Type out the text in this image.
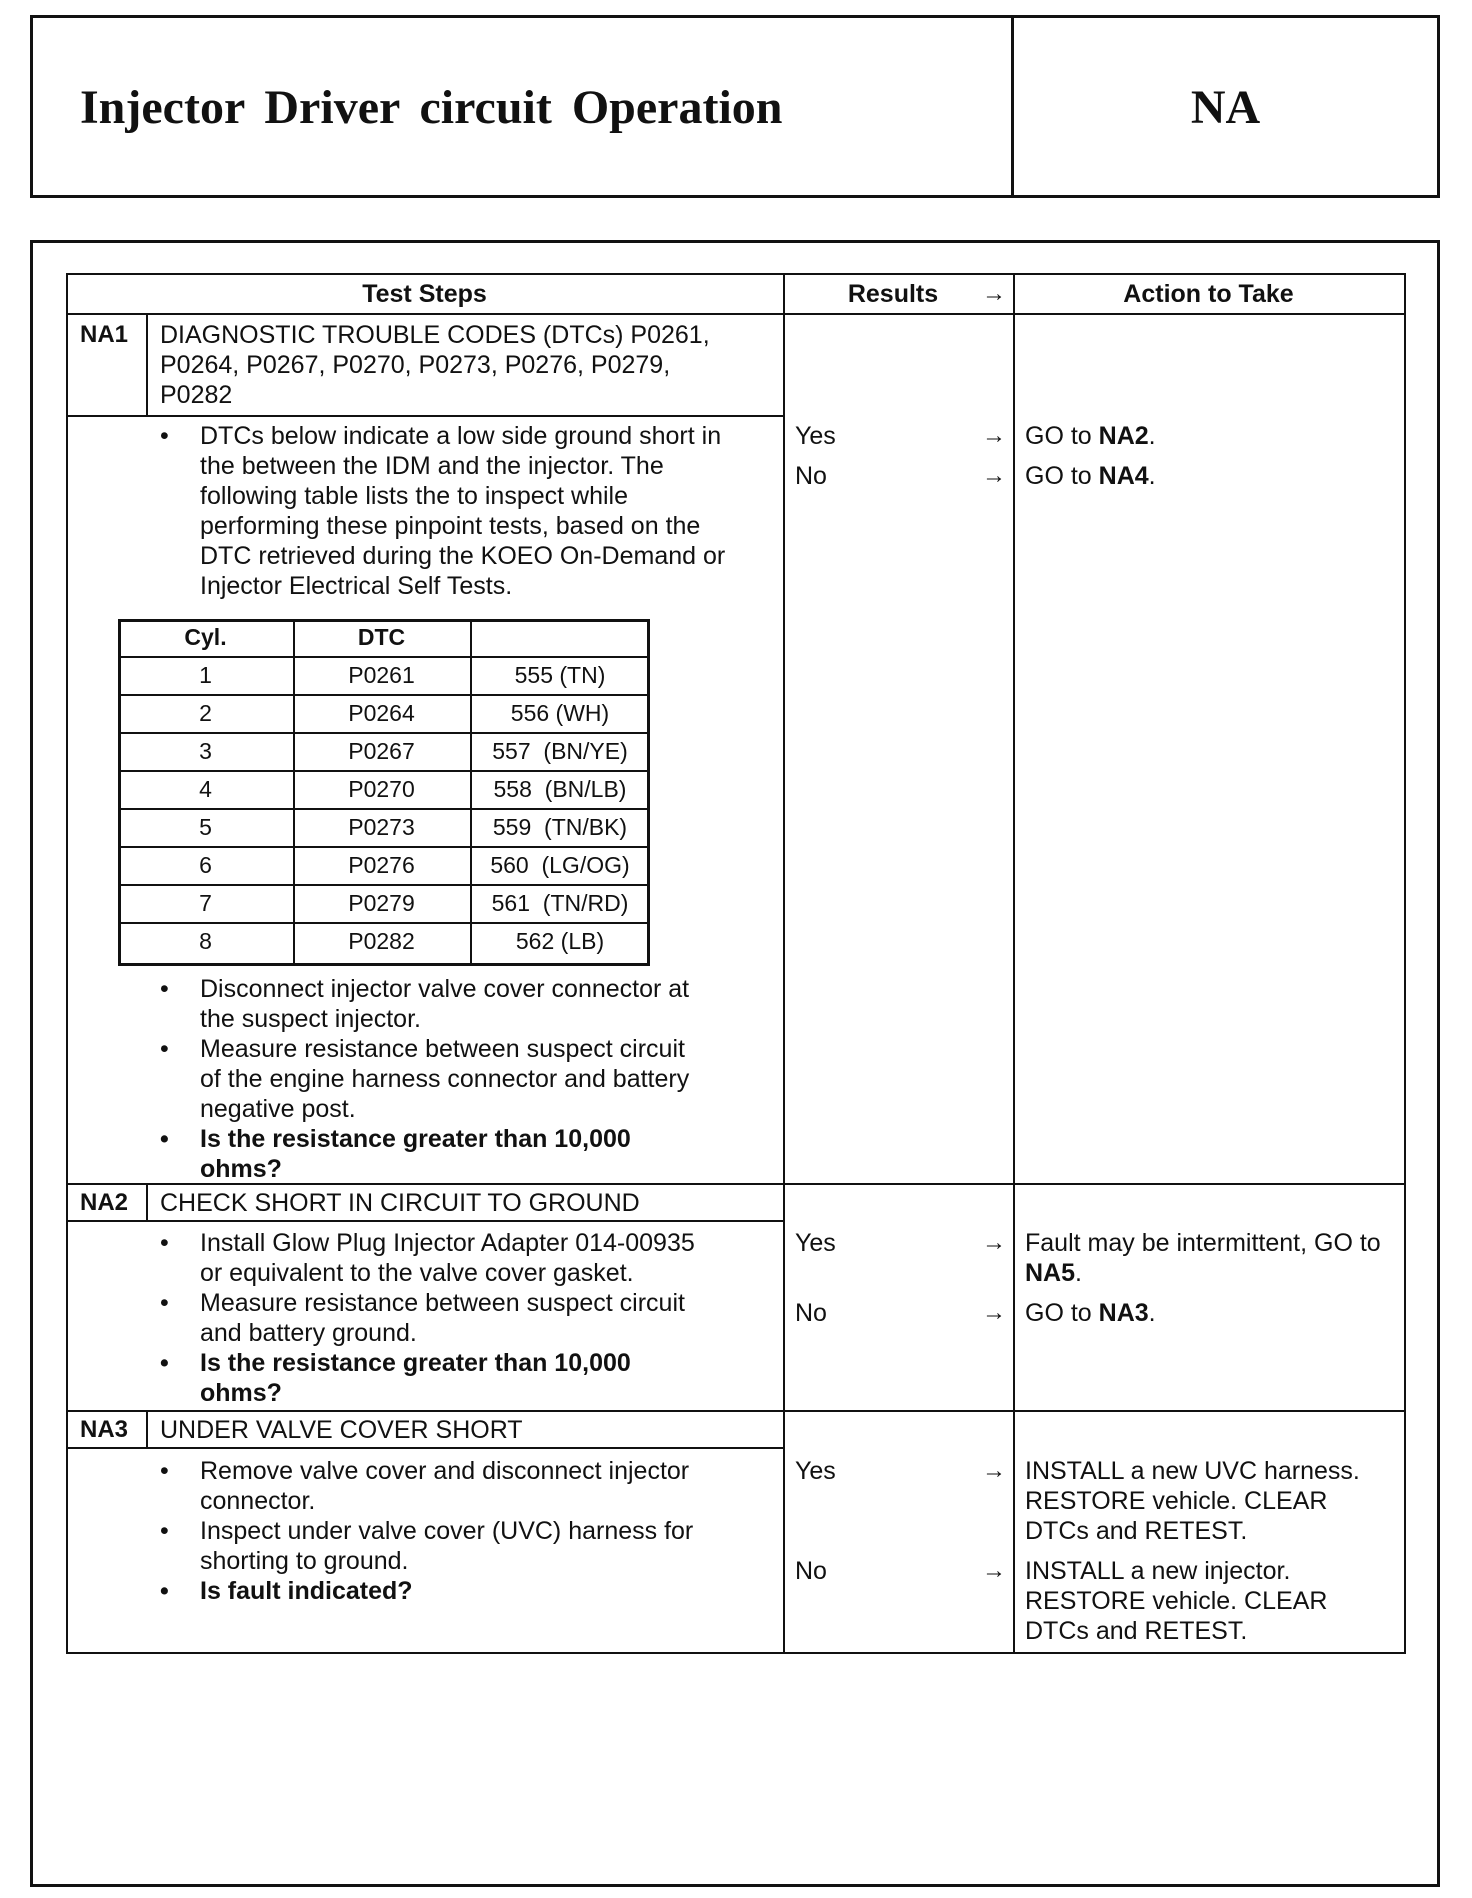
Injector Driver circuit Operation	NA
Test Steps	Results	→	Action to Take
NA1 DIAGNOSTIC TROUBLE CODES (DTCs) P0261,
P0264, P0267, P0270, P0273, P0276, P0279,
P0282
• DTCs below indicate a low side ground short in
the between the IDM and the injector. The
following table lists the to inspect while
performing these pinpoint tests, based on the
DTC retrieved during the KOEO On-Demand or
Injector Electrical Self Tests.
Cyl.	DTC
1	P0261	555 (TN)
2	P0264	556 (WH)
3	P0267	557  (BN/YE)
4	P0270	558  (BN/LB)
5	P0273	559  (TN/BK)
6	P0276	560  (LG/OG)
7	P0279	561  (TN/RD)
8	P0282	562 (LB)
• Disconnect injector valve cover connector at
the suspect injector.
• Measure resistance between suspect circuit
of the engine harness connector and battery
negative post.
• Is the resistance greater than 10,000
ohms?
Yes	→ GO to NA2.
No	→ GO to NA4.
NA2 CHECK SHORT IN CIRCUIT TO GROUND
• Install Glow Plug Injector Adapter 014-00935
or equivalent to the valve cover gasket.
• Measure resistance between suspect circuit
and battery ground.
• Is the resistance greater than 10,000
ohms?
Yes	→ Fault may be intermittent, GO to
NA5.
No	→ GO to NA3.
NA3 UNDER VALVE COVER SHORT
• Remove valve cover and disconnect injector
connector.
• Inspect under valve cover (UVC) harness for
shorting to ground.
• Is fault indicated?
Yes	→ INSTALL a new UVC harness.
RESTORE vehicle. CLEAR
DTCs and RETEST.
No	→ INSTALL a new injector.
RESTORE vehicle. CLEAR
DTCs and RETEST.
